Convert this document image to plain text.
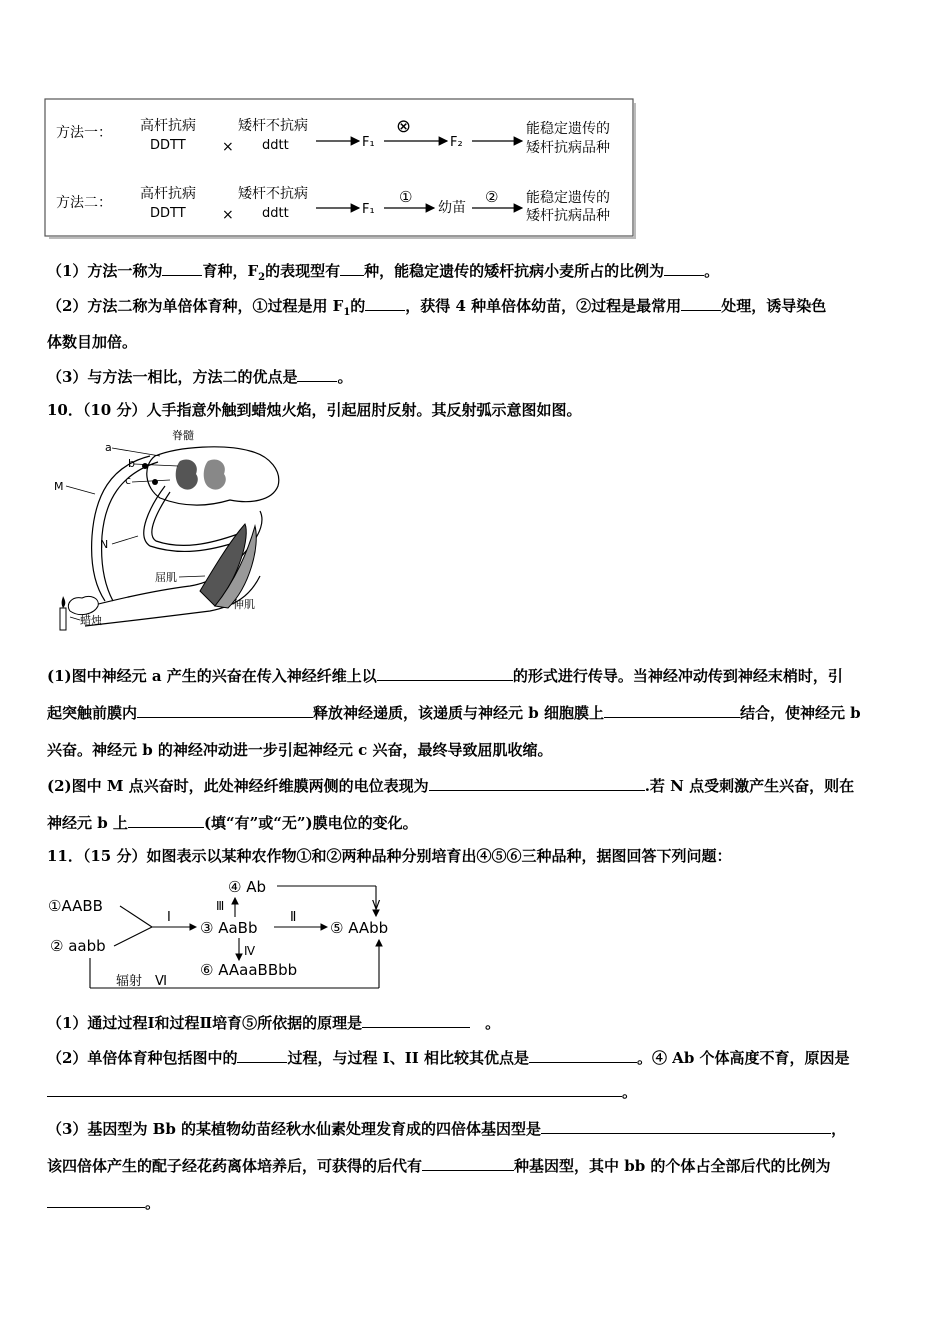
方法一： 高杆抗病
DDTT	×
矮杆不抗病
ddtt	F₁
⊗
F₂
能稳定遗传的
矮杆抗病品种
方法二：
高杆抗病
DDTT	×
矮杆不抗病
ddtt	F₁
①
幼苗
② 能稳定遗传的
矮杆抗病品种
（1）方法一称为	育种，$F_2$的表现型有 种，能稳定遗传的矮杆抗病小麦所占的比例为	。
（2）方法二称为单倍体育种，①过程是用 $F_1$的	，获得 4 种单倍体幼苗，②过程是最常用	处理，诱导染色
体数目加倍。
（3）与方法一相比，方法二的优点是	。
10．（10 分）人手指意外触到蜡烛火焰，引起屈肘反射。其反射弧示意图如图。
脊髓
a
b
c
M
N
屈肌
伸肌
蜡烛
(1)图中神经元 a 产生的兴奋在传入神经纤维上以	的形式进行传导。当神经冲动传到神经末梢时，引
起突触前膜内	释放神经递质，该递质与神经元 b 细胞膜上	结合，使神经元 b
兴奋。神经元 b 的神经冲动进一步引起神经元 c 兴奋，最终导致屈肌收缩。
(2)图中 M 点兴奋时，此处神经纤维膜两侧的电位表现为	.若 N 点受刺激产生兴奋，则在
神经元 b 上	(填“有”或“无”)膜电位的变化。
11．（15 分）如图表示以某种农作物①和②两种品种分别培育出④⑤⑥三种品种，据图回答下列问题：
①AABB
② aabb
Ⅰ
③ AaBb
④ Ab
Ⅲ	Ⅴ
Ⅱ
⑤ AAbb
Ⅳ
⑥ AAaaBBbb
辐射　Ⅵ
（1）通过过程Ⅰ和过程Ⅱ培育⑤所依据的原理是	　。
（2）单倍体育种包括图中的	过程，与过程 I、II 相比较其优点是	。④ Ab 个体高度不育，原因是
。
（3）基因型为 Bb 的某植物幼苗经秋水仙素处理发育成的四倍体基因型是	，
该四倍体产生的配子经花药离体培养后，可获得的后代有	种基因型，其中 bb 的个体占全部后代的比例为
。
